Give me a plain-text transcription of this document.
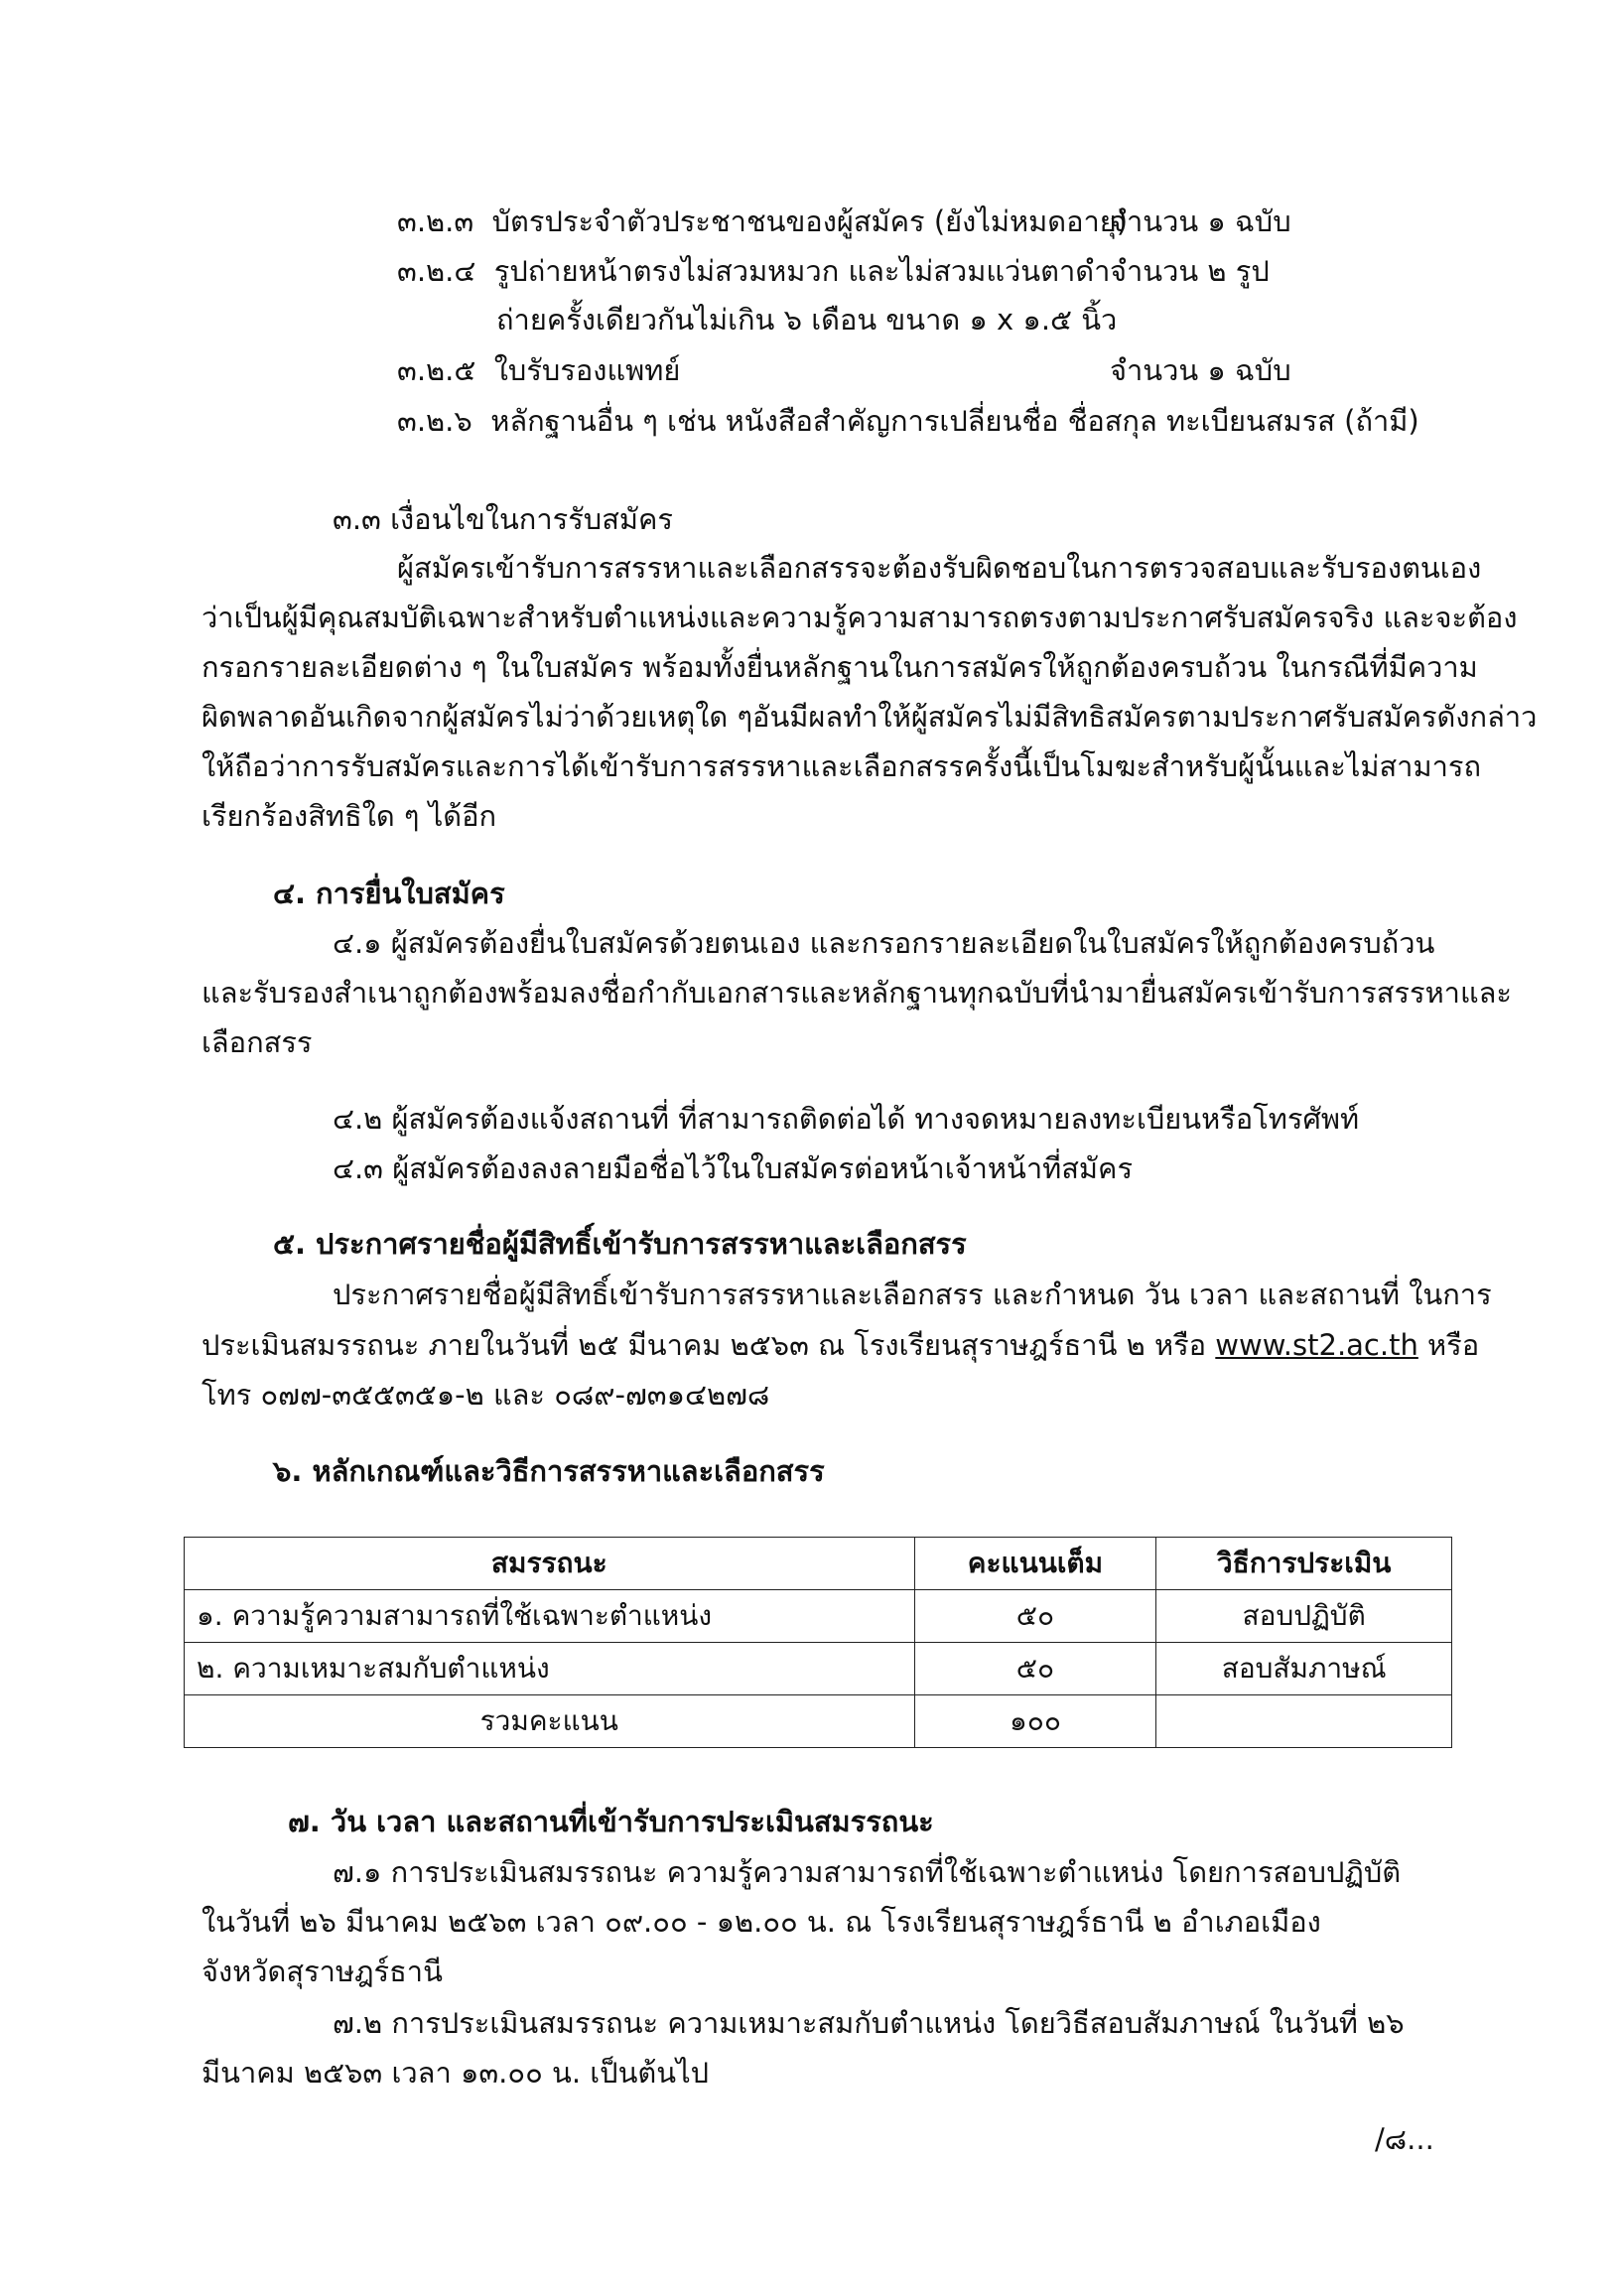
๓.๒.๓ บัตรประจำตัวประชาชนของผู้สมัคร (ยังไม่หมดอายุ)
จำนวน ๑ ฉบับ
๓.๒.๔ รูปถ่ายหน้าตรงไม่สวมหมวก และไม่สวมแว่นตาดำ จำนวน ๒ รูป
ถ่ายครั้งเดียวกันไม่เกิน ๖ เดือน ขนาด ๑ x ๑.๕ นิ้ว
๓.๒.๕ ใบรับรองแพทย์	จำนวน ๑ ฉบับ
๓.๒.๖ หลักฐานอื่น ๆ เช่น หนังสือสำคัญการเปลี่ยนชื่อ ชื่อสกุล ทะเบียนสมรส (ถ้ามี)
๓.๓ เงื่อนไขในการรับสมัคร
ผู้สมัครเข้ารับการสรรหาและเลือกสรรจะต้องรับผิดชอบในการตรวจสอบและรับรองตนเอง
ว่าเป็นผู้มีคุณสมบัติเฉพาะสำหรับตำแหน่งและความรู้ความสามารถตรงตามประกาศรับสมัครจริง และจะต้อง
กรอกรายละเอียดต่าง ๆ ในใบสมัคร พร้อมทั้งยื่นหลักฐานในการสมัครให้ถูกต้องครบถ้วน ในกรณีที่มีความ
ผิดพลาดอันเกิดจากผู้สมัครไม่ว่าด้วยเหตุใด ๆอันมีผลทำให้ผู้สมัครไม่มีสิทธิสมัครตามประกาศรับสมัครดังกล่าว
ให้ถือว่าการรับสมัครและการได้เข้ารับการสรรหาและเลือกสรรครั้งนี้เป็นโมฆะสำหรับผู้นั้นและไม่สามารถ
เรียกร้องสิทธิใด ๆ ได้อีก
๔. การยื่นใบสมัคร
๔.๑ ผู้สมัครต้องยื่นใบสมัครด้วยตนเอง และกรอกรายละเอียดในใบสมัครให้ถูกต้องครบถ้วน
และรับรองสำเนาถูกต้องพร้อมลงชื่อกำกับเอกสารและหลักฐานทุกฉบับที่นำมายื่นสมัครเข้ารับการสรรหาและ
เลือกสรร
๔.๒ ผู้สมัครต้องแจ้งสถานที่ ที่สามารถติดต่อได้ ทางจดหมายลงทะเบียนหรือโทรศัพท์
๔.๓ ผู้สมัครต้องลงลายมือชื่อไว้ในใบสมัครต่อหน้าเจ้าหน้าที่สมัคร
๕. ประกาศรายชื่อผู้มีสิทธิ์เข้ารับการสรรหาและเลือกสรร
ประกาศรายชื่อผู้มีสิทธิ์เข้ารับการสรรหาและเลือกสรร และกำหนด วัน เวลา และสถานที่ ในการ
ประเมินสมรรถนะ ภายในวันที่ ๒๕ มีนาคม ๒๕๖๓ ณ โรงเรียนสุราษฎร์ธานี ๒ หรือ www.st2.ac.th หรือ
โทร ๐๗๗-๓๕๕๓๕๑-๒ และ ๐๘๙-๗๓๑๔๒๗๘
๖. หลักเกณฑ์และวิธีการสรรหาและเลือกสรร
สมรรถนะ	คะแนนเต็ม	วิธีการประเมิน
๑. ความรู้ความสามารถที่ใช้เฉพาะตำแหน่ง	๕๐	สอบปฏิบัติ
๒. ความเหมาะสมกับตำแหน่ง	๕๐	สอบสัมภาษณ์
รวมคะแนน	๑๐๐	
๗. วัน เวลา และสถานที่เข้ารับการประเมินสมรรถนะ
๗.๑ การประเมินสมรรถนะ ความรู้ความสามารถที่ใช้เฉพาะตำแหน่ง โดยการสอบปฏิบัติ
ในวันที่ ๒๖ มีนาคม ๒๕๖๓ เวลา ๐๙.๐๐ - ๑๒.๐๐ น. ณ โรงเรียนสุราษฎร์ธานี ๒ อำเภอเมือง
จังหวัดสุราษฎร์ธานี
๗.๒ การประเมินสมรรถนะ ความเหมาะสมกับตำแหน่ง โดยวิธีสอบสัมภาษณ์ ในวันที่ ๒๖
มีนาคม ๒๕๖๓ เวลา ๑๓.๐๐ น. เป็นต้นไป
/๘...
